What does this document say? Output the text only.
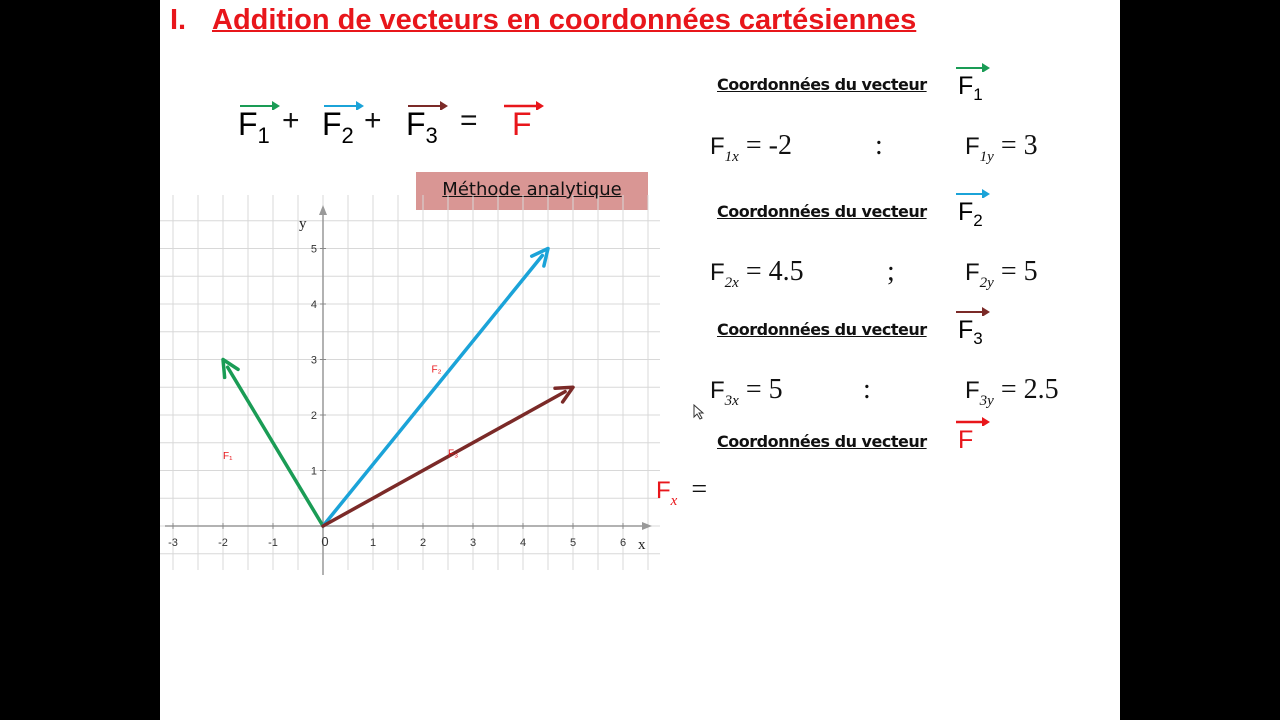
I. Addition de vecteurs en coordonnées cartésiennes
$F_1 + F_2 + F_3 = F$
Méthode analytique
-3	-2	-1	0	1	2	3	4	5	6
1
2
3
4
5
x
y
F₁
F₂
F₃
Coordonnées du vecteur $F_1$
$F_{1x} = -2$	:	$F_{1y} = 3$
Coordonnées du vecteur $F_2$
$F_{2x} = 4.5$	;	$F_{2y} = 5$
Coordonnées du vecteur $F_3$
$F_{3x} = 5$	:	$F_{3y} = 2.5$
Coordonnées du vecteur F
$F_x$ =
